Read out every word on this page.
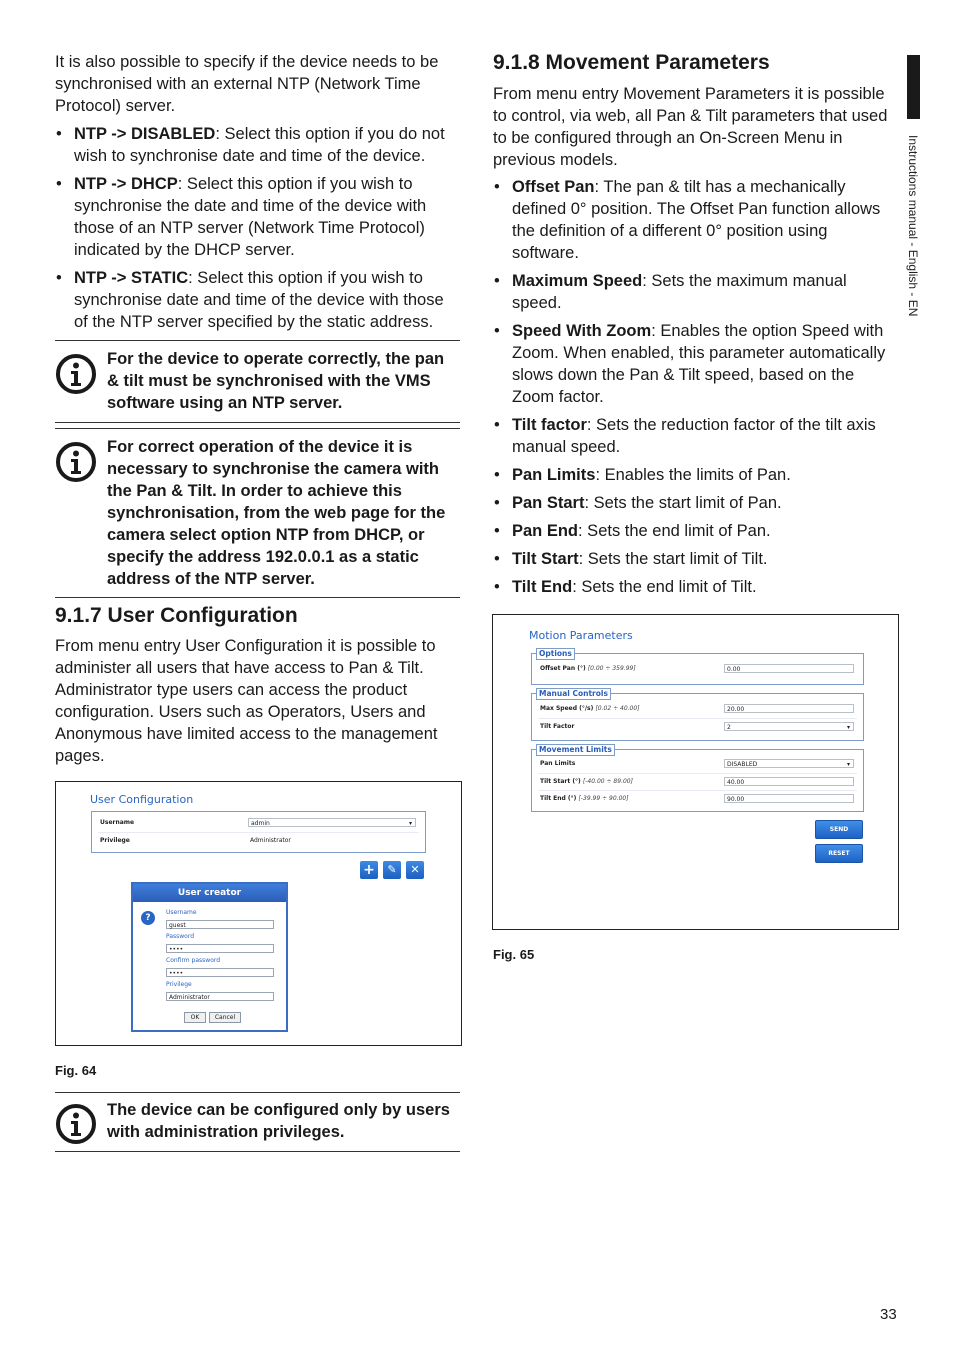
Instructions manual - English - EN

It is also possible to specify if the device needs to be synchronised with an external NTP (Network Time Protocol) server.

• NTP -> DISABLED: Select this option if you do not wish to synchronise date and time of the device.
• NTP -> DHCP: Select this option if you wish to synchronise the date and time of the device with those of an NTP server (Network Time Protocol) indicated by the DHCP server.
• NTP -> STATIC: Select this option if you wish to synchronise date and time of the device with those of the NTP server specified by the static address.

For the device to operate correctly, the pan & tilt must be synchronised with the VMS software using an NTP server.

For correct operation of the device it is necessary to synchronise the camera with the Pan & Tilt. In order to achieve this synchronisation, from the web page for the camera select option NTP from DHCP, or specify the address 192.0.0.1 as a static address of the NTP server.

9.1.7 User Configuration

From menu entry User Configuration it is possible to administer all users that have access to Pan & Tilt. Administrator type users can access the product configuration. Users such as Operators, Users and Anonymous have limited access to the management pages.

User Configuration
Username	admin ▾
Privilege	Administrator
+	✎	✕
User creator
?
Username
guest
Password
••••
Confirm password
••••
Privilege
Administrator
OK	Cancel
Fig. 64

The device can be configured only by users with administration privileges.

9.1.8 Movement Parameters

From menu entry Movement Parameters it is possible to control, via web, all Pan & Tilt parameters that used to be configured through an On-Screen Menu in previous models.

• Offset Pan: The pan & tilt has a mechanically defined 0° position. The Offset Pan function allows the definition of a different 0° position using software.
• Maximum Speed: Sets the maximum manual speed.
• Speed With Zoom: Enables the option Speed with Zoom. When enabled, this parameter automatically slows down the Pan & Tilt speed, based on the Zoom factor.
• Tilt factor: Sets the reduction factor of the tilt axis manual speed.
• Pan Limits: Enables the limits of Pan.
• Pan Start: Sets the start limit of Pan.
• Pan End: Sets the end limit of Pan.
• Tilt Start: Sets the start limit of Tilt.
• Tilt End: Sets the end limit of Tilt.
Motion Parameters
Options
Offset Pan (°) [0.00 ÷ 359.99]	0.00
Manual Controls
Max Speed (°/s) [0.02 ÷ 40.00]	20.00
Tilt Factor	2 ▾
Movement Limits
Pan Limits	DISABLED ▾
Tilt Start (°) [-40.00 ÷ 89.00]	40.00
Tilt End (°) [-39.99 ÷ 90.00]	90.00
SEND
RESET
Fig. 65
33
